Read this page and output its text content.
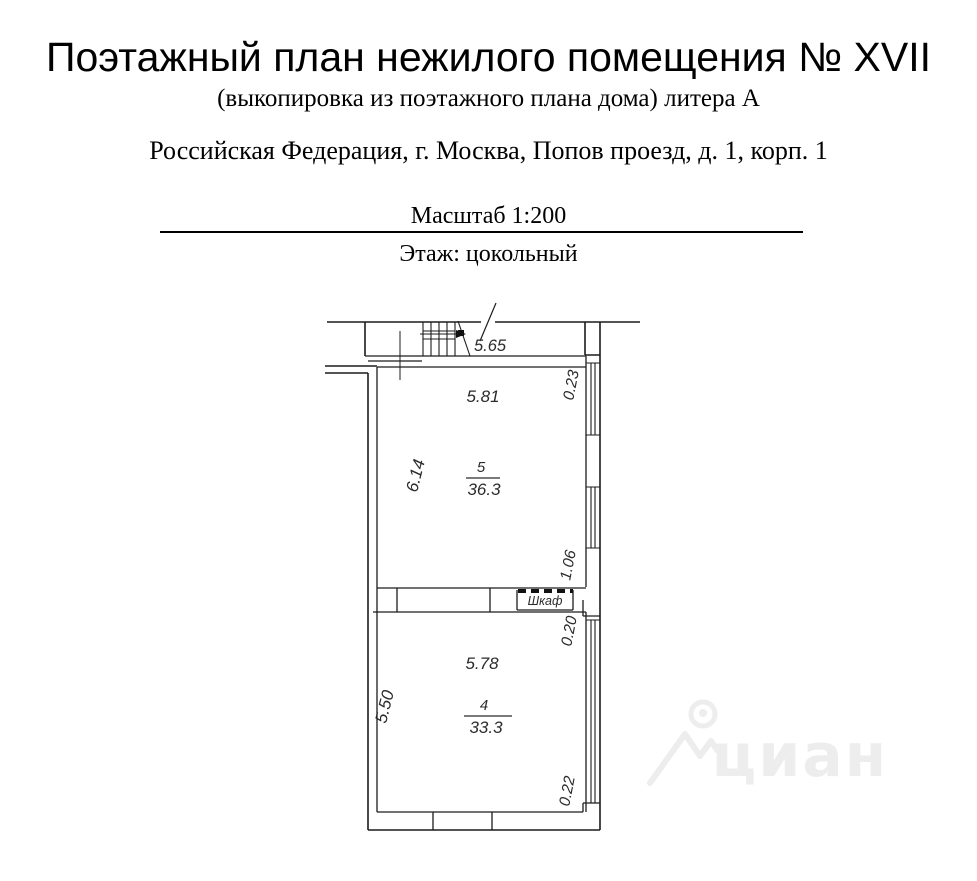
Поэтажный план нежилого помещения № XVII
(выкопировка из поэтажного плана дома) литера А
Российская Федерация, г. Москва, Попов проезд, д. 1, корп. 1
Масштаб 1:200
Этаж: цокольный
циан
5.65
5.81
6.14	5
36.3
0.23
1.06
Шкаф
0.20
5.78
5.50	4
33.3
0.22
